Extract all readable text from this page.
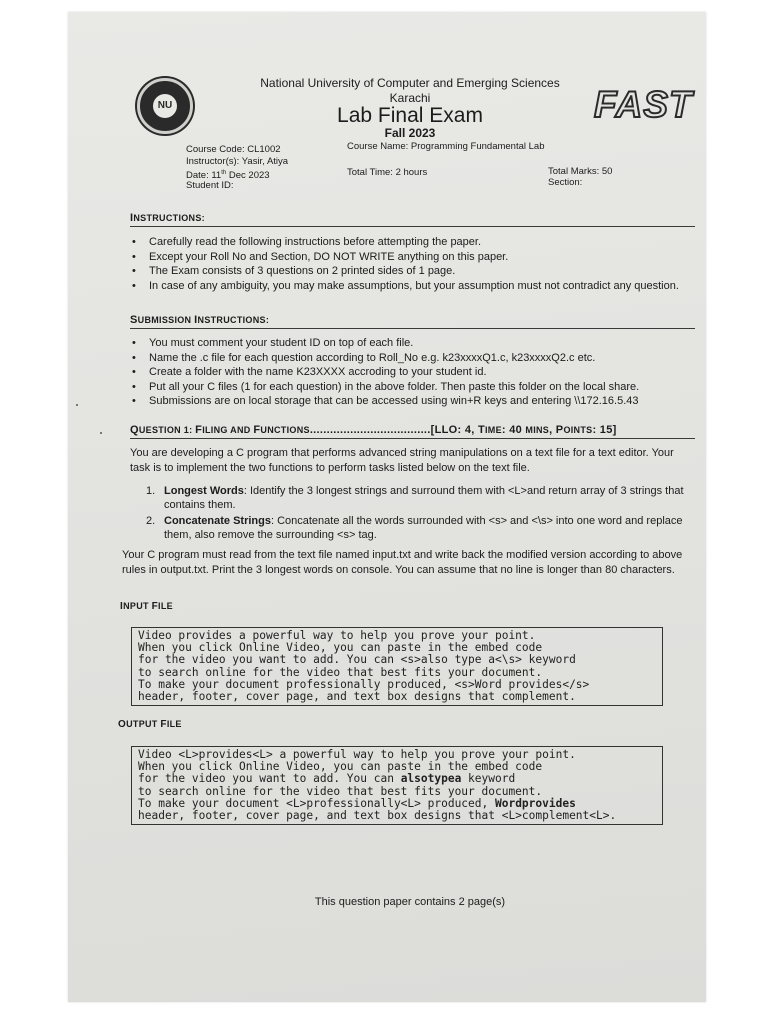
NU	FAST
National University of Computer and Emerging Sciences
Karachi
Lab Final Exam
Fall 2023
Course Code: CL1002
Instructor(s): Yasir, Atiya
Date: 11th Dec 2023
Student ID:
Course Name: Programming Fundamental Lab
Total Time: 2 hours	Total Marks: 50
Section:
INSTRUCTIONS:
• Carefully read the following instructions before attempting the paper.
• Except your Roll No and Section, DO NOT WRITE anything on this paper.
• The Exam consists of 3 questions on 2 printed sides of 1 page.
• In case of any ambiguity, you may make assumptions, but your assumption must not contradict any question.
SUBMISSION INSTRUCTIONS:
• You must comment your student ID on top of each file.
• Name the .c file for each question according to Roll_No e.g. k23xxxxQ1.c, k23xxxxQ2.c etc.
• Create a folder with the name K23XXXX accroding to your student id.
• Put all your C files (1 for each question) in the above folder. Then paste this folder on the local share.
• Submissions are on local storage that can be accessed using win+R keys and entering \\172.16.5.43
QUESTION 1: FILING AND FUNCTIONS....................................[LLO: 4, TIME: 40 MINS, POINTS: 15]
You are developing a C program that performs advanced string manipulations on a text file for a text editor. Your task is to implement the two functions to perform tasks listed below on the text file.
1. Longest Words: Identify the 3 longest strings and surround them with <L>and return array of 3 strings that contains them.
2. Concatenate Strings: Concatenate all the words surrounded with <s> and <\s> into one word and replace them, also remove the surrounding <s> tag.
Your C program must read from the text file named input.txt and write back the modified version according to above rules in output.txt. Print the 3 longest words on console. You can assume that no line is longer than 80 characters.
INPUT FILE
Video provides a powerful way to help you prove your point.
When you click Online Video, you can paste in the embed code
for the video you want to add. You can <s>also type a<\s> keyword
to search online for the video that best fits your document.
To make your document professionally produced, <s>Word provides</s>
header, footer, cover page, and text box designs that complement.
OUTPUT FILE
Video <L>provides<L> a powerful way to help you prove your point.
When you click Online Video, you can paste in the embed code
for the video you want to add. You can alsotypea keyword
to search online for the video that best fits your document.
To make your document <L>professionally<L> produced, Wordprovides
header, footer, cover page, and text box designs that <L>complement<L>.
This question paper contains 2 page(s)
